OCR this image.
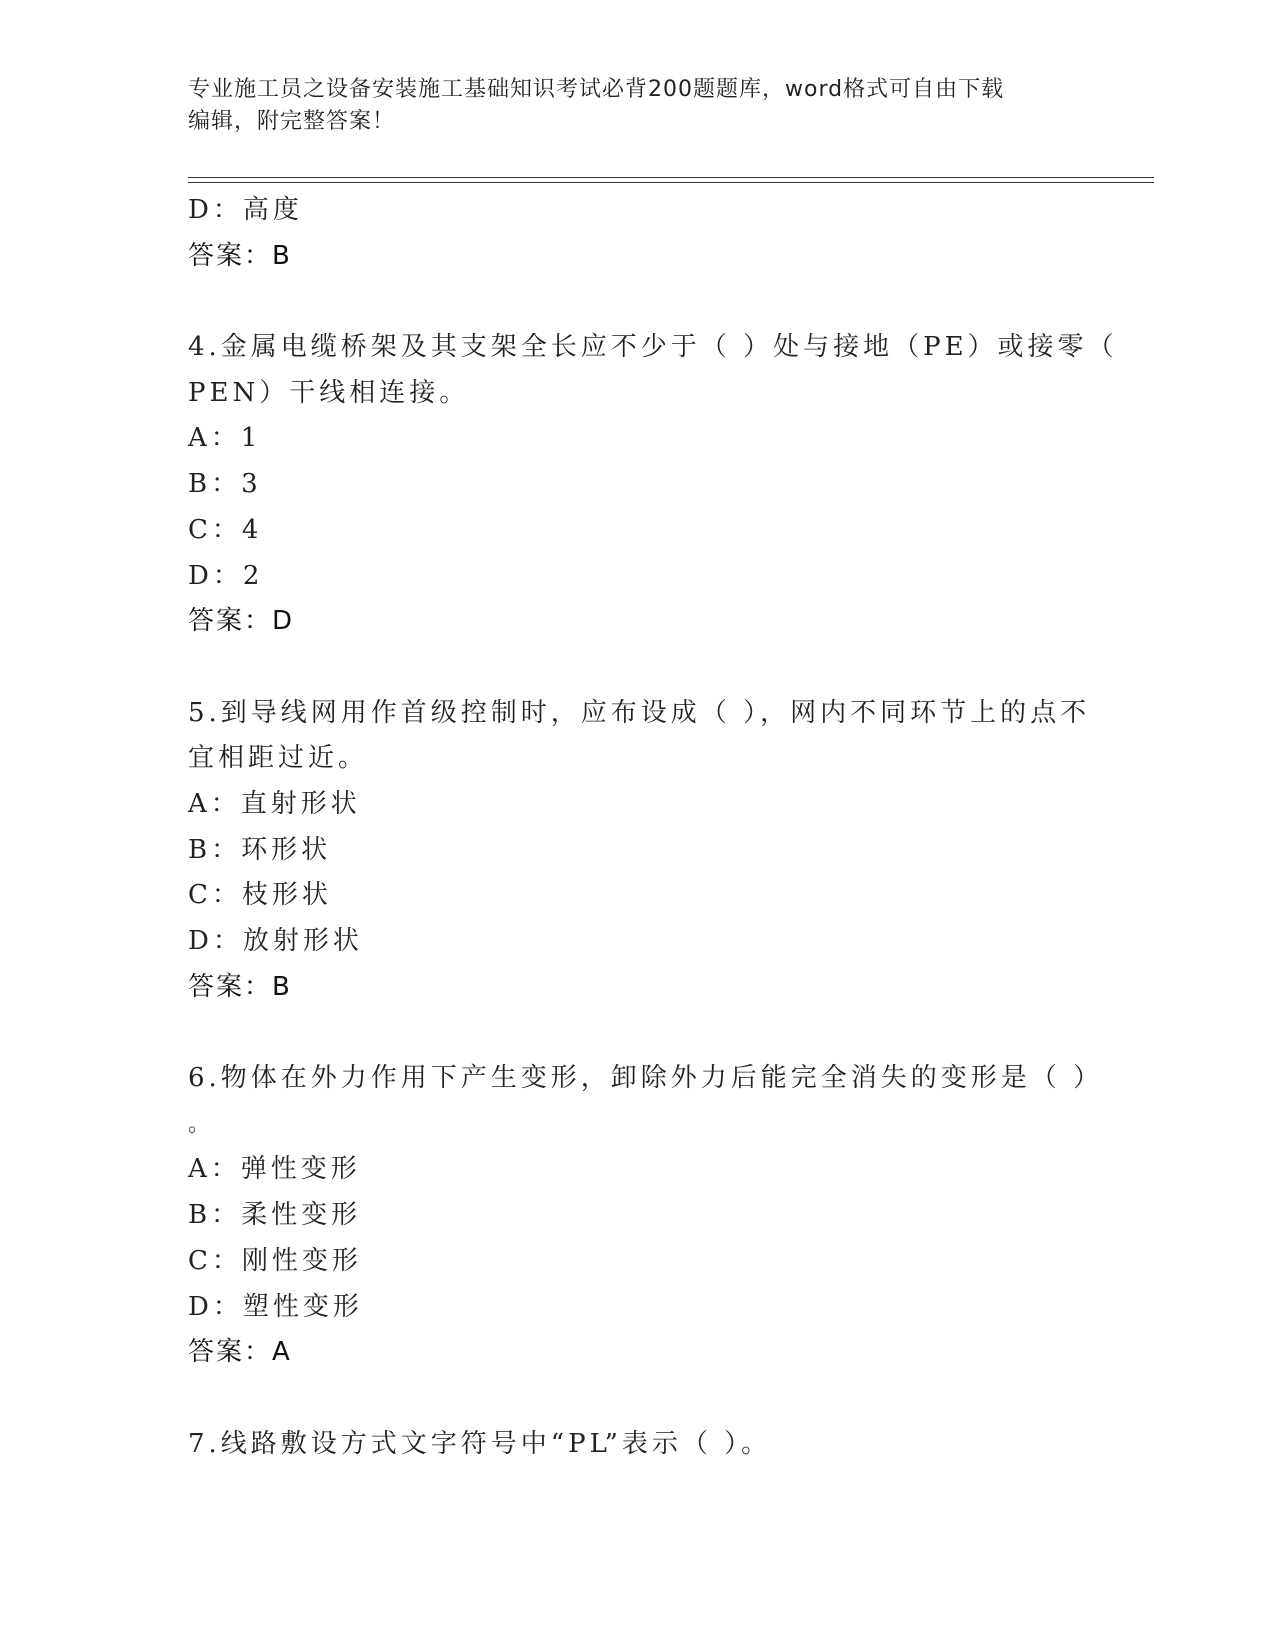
专业施工员之设备安装施工基础知识考试必背200题题库，word格式可自由下载
编辑，附完整答案！
D：高度
答案：B
4.金属电缆桥架及其支架全长应不少于（ ）处与接地（PE）或接零（
PEN）干线相连接。
A：1
B：3
C：4
D：2
答案：D
5.到导线网用作首级控制时，应布设成（ ），网内不同环节上的点不
宜相距过近。
A：直射形状
B：环形状
C：枝形状
D：放射形状
答案：B
6.物体在外力作用下产生变形，卸除外力后能完全消失的变形是（ ）
。
A：弹性变形
B：柔性变形
C：刚性变形
D：塑性变形
答案：A
7.线路敷设方式文字符号中“PL”表示（ ）。
